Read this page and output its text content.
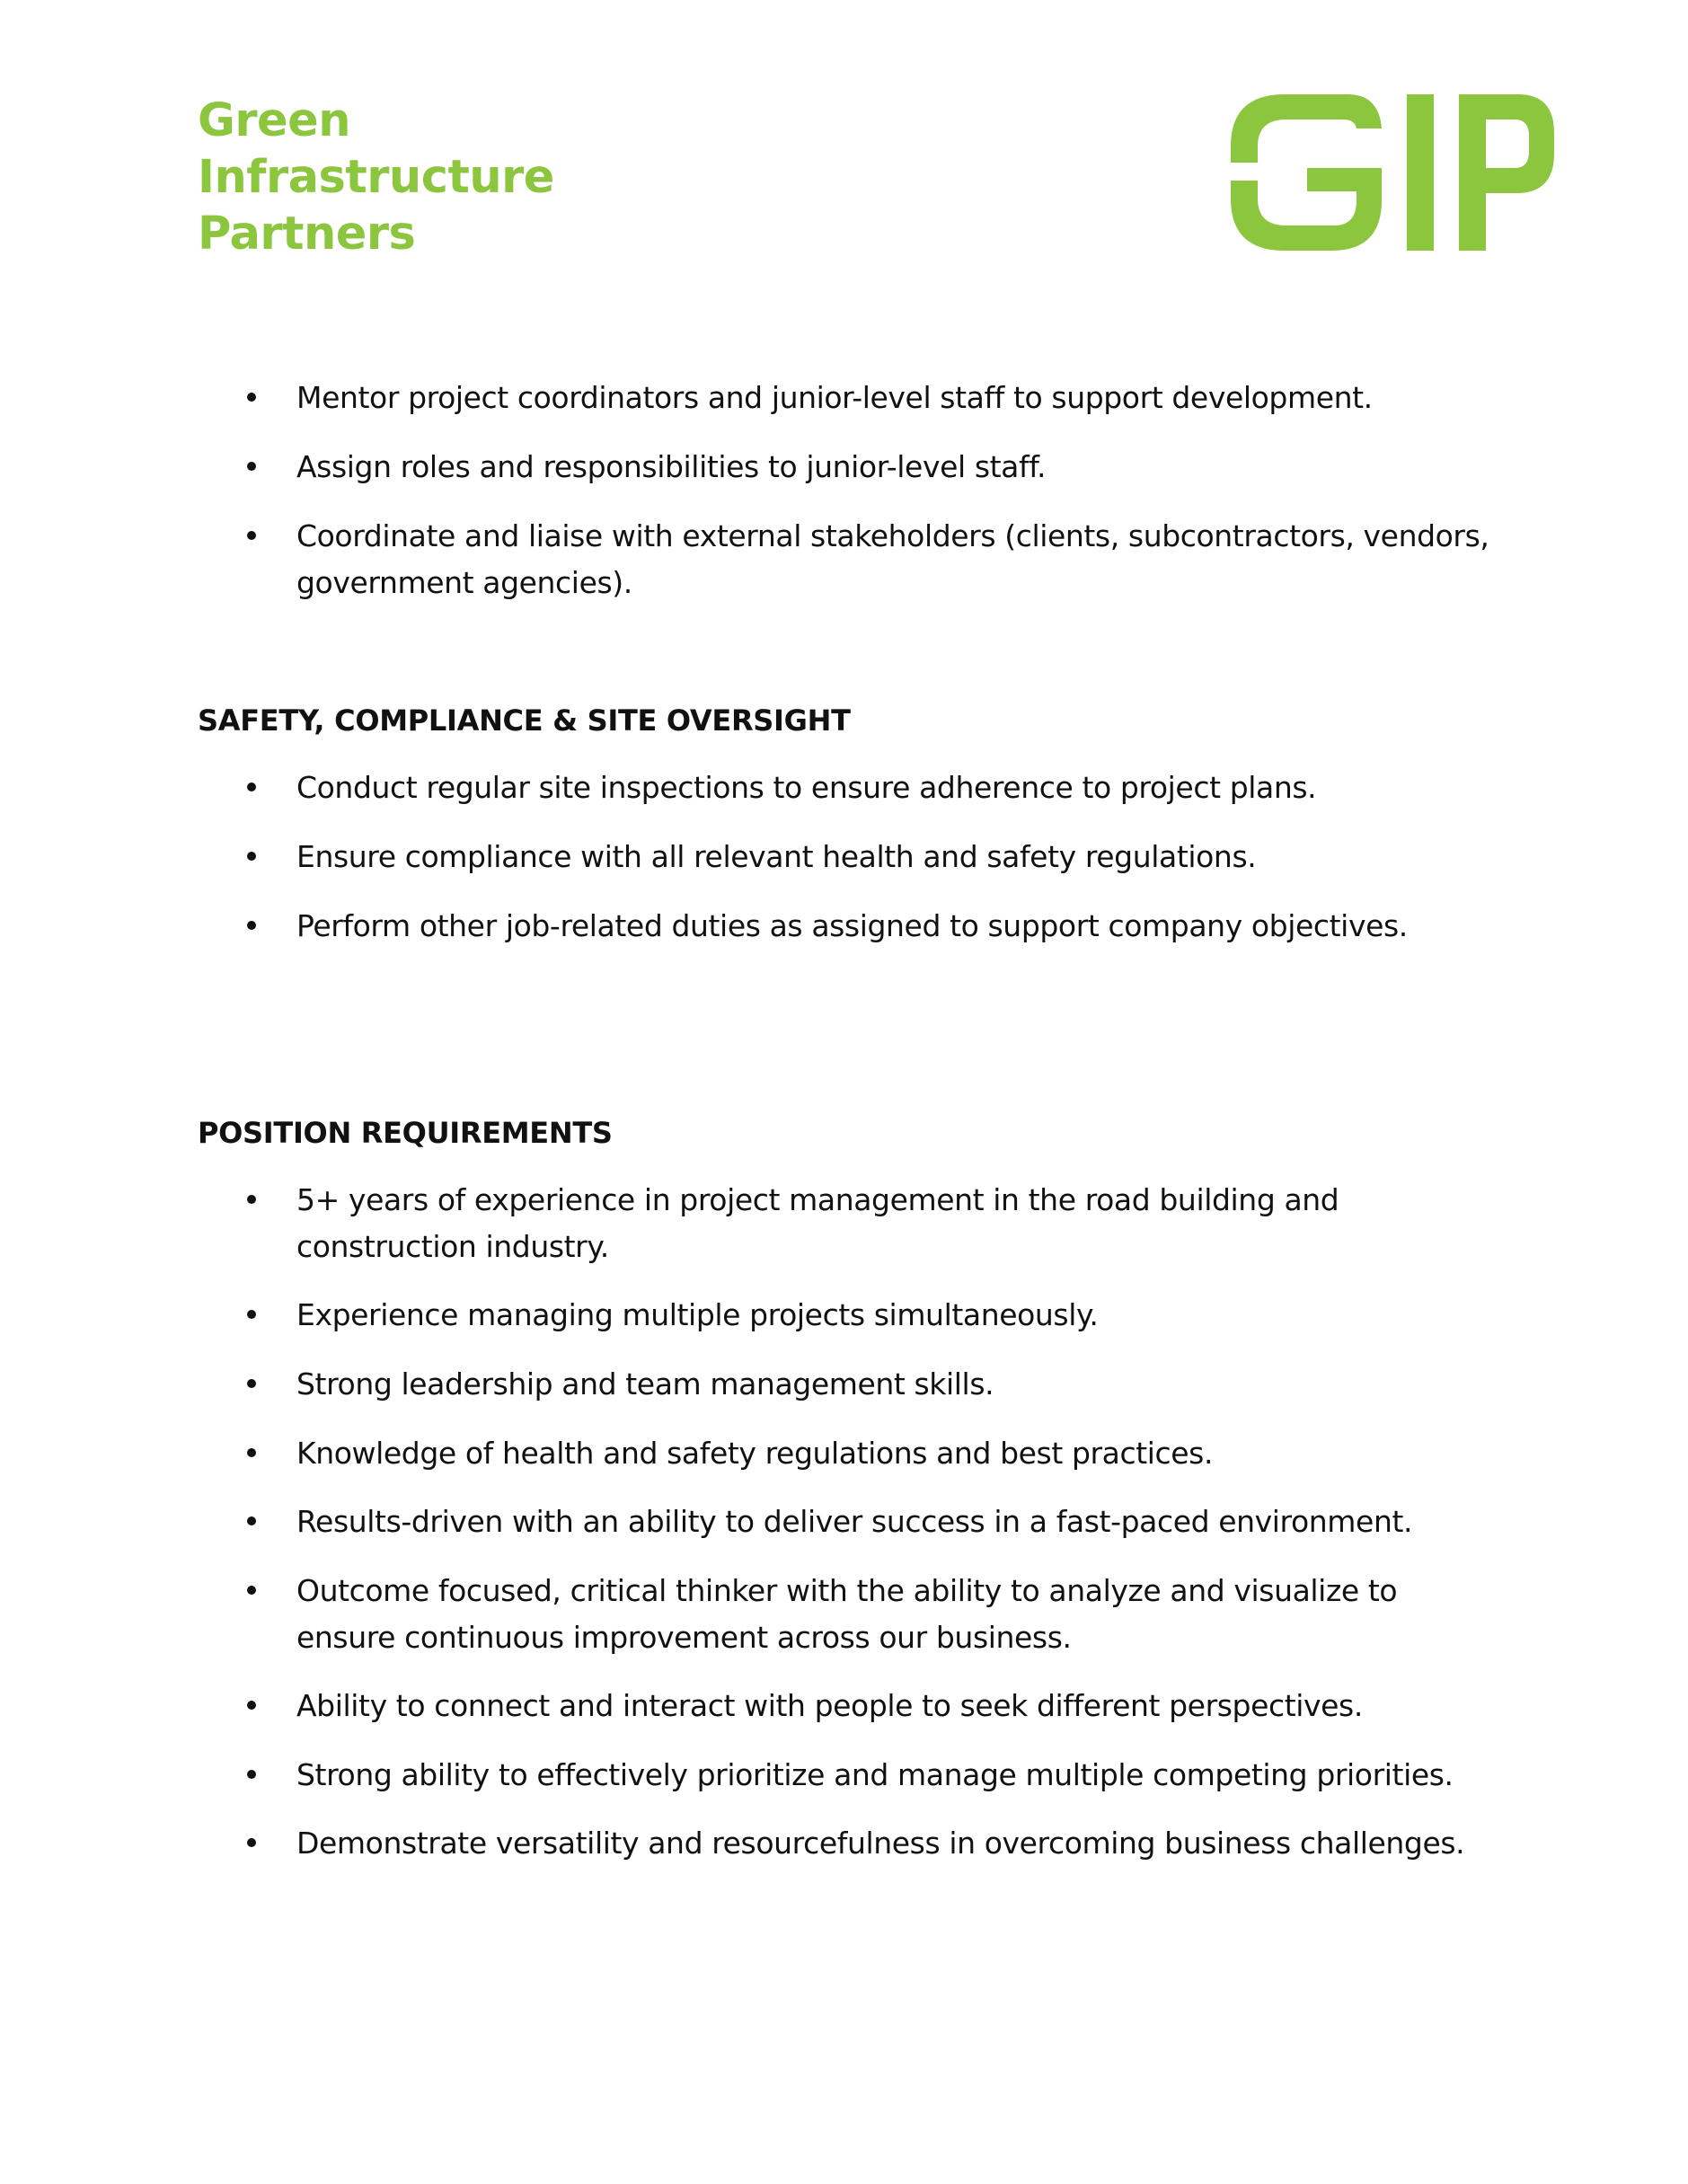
Green
Infrastructure
Partners
Mentor project coordinators and junior-level staff to support development.
Assign roles and responsibilities to junior-level staff.
Coordinate and liaise with external stakeholders (clients, subcontractors, vendors, government agencies).
SAFETY, COMPLIANCE & SITE OVERSIGHT
Conduct regular site inspections to ensure adherence to project plans.
Ensure compliance with all relevant health and safety regulations.
Perform other job-related duties as assigned to support company objectives.
POSITION REQUIREMENTS
5+ years of experience in project management in the road building and construction industry.
Experience managing multiple projects simultaneously.
Strong leadership and team management skills.
Knowledge of health and safety regulations and best practices.
Results-driven with an ability to deliver success in a fast-paced environment.
Outcome focused, critical thinker with the ability to analyze and visualize to ensure continuous improvement across our business.
Ability to connect and interact with people to seek different perspectives.
Strong ability to effectively prioritize and manage multiple competing priorities.
Demonstrate versatility and resourcefulness in overcoming business challenges.
